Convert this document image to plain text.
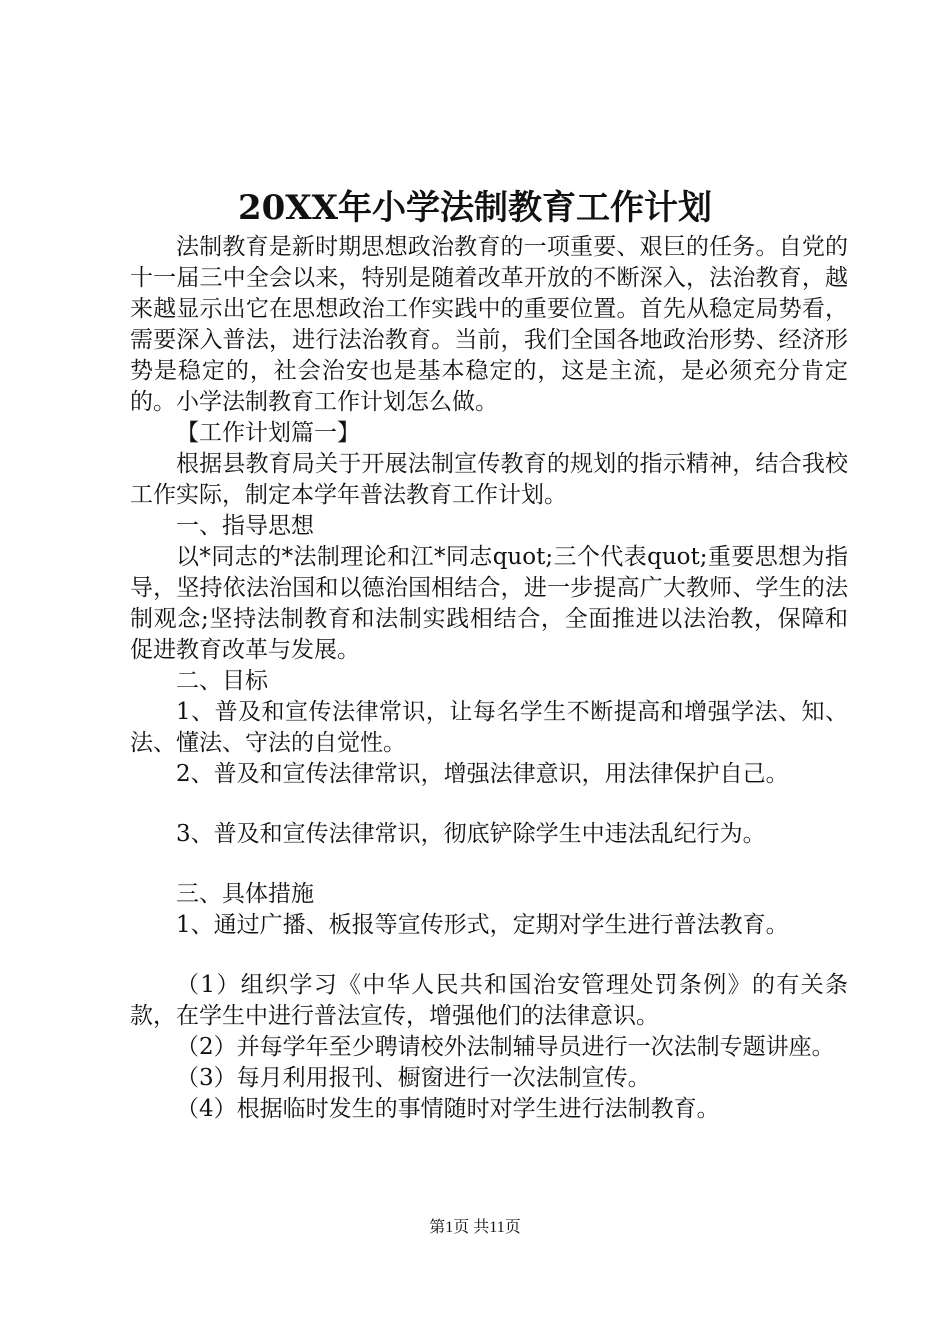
20XX年小学法制教育工作计划

法制教育是新时期思想政治教育的一项重要、艰巨的任务。自党的十一届三中全会以来，特别是随着改革开放的不断深入，法治教育，越来越显示出它在思想政治工作实践中的重要位置。首先从稳定局势看，需要深入普法，进行法治教育。当前，我们全国各地政治形势、经济形势是稳定的，社会治安也是基本稳定的，这是主流，是必须充分肯定的。小学法制教育工作计划怎么做。

【工作计划篇一】

根据县教育局关于开展法制宣传教育的规划的指示精神，结合我校工作实际，制定本学年普法教育工作计划。

一、指导思想

以*同志的*法制理论和江*同志quot;三个代表quot;重要思想为指导，坚持依法治国和以德治国相结合，进一步提高广大教师、学生的法制观念;坚持法制教育和法制实践相结合，全面推进以法治教，保障和促进教育改革与发展。

二、目标

1、普及和宣传法律常识，让每名学生不断提高和增强学法、知、法、懂法、守法的自觉性。

2、普及和宣传法律常识，增强法律意识，用法律保护自己。

3、普及和宣传法律常识，彻底铲除学生中违法乱纪行为。

三、具体措施

1、通过广播、板报等宣传形式，定期对学生进行普法教育。

（1）组织学习《中华人民共和国治安管理处罚条例》的有关条款，在学生中进行普法宣传，增强他们的法律意识。

（2）并每学年至少聘请校外法制辅导员进行一次法制专题讲座。

（3）每月利用报刊、橱窗进行一次法制宣传。

（4）根据临时发生的事情随时对学生进行法制教育。

第1页 共11页
